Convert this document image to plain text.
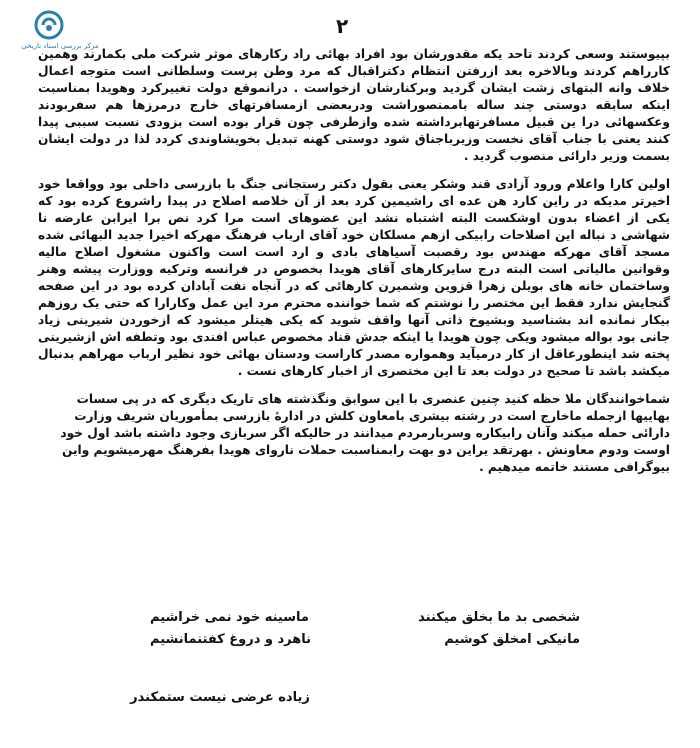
مرکز بررسی اسناد تاریخی
۲

بپیوستند وسعی کردند تاحد یکه مقدورشان بود افراد بهائی راد رکارهای موثر شرکت ملی بکمارند وهمین کارراهم کردند وبالاخره بعد ازرفتن انتظام دکتراقبال که مرد وطن پرست وسلطانی است متوجه اعمال خلاف وانه البتهای زشت ایشان گردید وبرکنارشان ازخواست . درانموقع دولت تغییرکرد وهویدا بمناسبت اینکه سابقه دوستی چند ساله باممنصوراشت ودربعضی ازمسافرتهای خارج درمرزها هم سفربودند وعکسهائی درا ین قبیل مسافرتهابرداشته شده وازطرفی چون قرار بوده است بزودی نسبت سببی پیدا کنند یعنی با جناب آقای نخست وزیرباجناق شود دوستی کهنه تبدیل بخویشاوندی کردد لذا در دولت ایشان بسمت وزیر دارائی منصوب گردید .

اولین کارا واعلام ورود آزادی قند وشکر یعنی بقول دکتر رستجانی جنگ با بازرسی داخلی بود وواقعا خود اخیرتر مدیکه در راین کارد هن عده ای راشیمین کرد بعد از آن خلاصه اصلاح در پیدا راشروع کرده بود که یکی از اعضاء بدون اوشکست البته اشتباه نشد این عضوهای است مرا کرد نص برا ایرابن عارضه نا شهاشی د نباله این اصلاحات رابیکی ازهم مسلکان خود آقای ارباب فرهنگ مهرکه اخیرا جدید البهائی شده مسجد آقای مهرکه مهندس بود رقصبت آسیاهای بادی و ارد است است واکنون مشغول اصلاح مالیه وقوانین مالیاتی است البته درج سایرکارهای آقای هویدا بخصوص در فرانسه وترکیه ووزارت پیشه وهنر وساختمان خانه های بویلن زهرا قزوین وشمیرن کارهائی که در آنجاه نفت آبادان کرده بود در این صفحه گنجایش ندارد فقط این مختصر را نوشتم که شما خواننده محترم مرد این عمل وکارارا که حتی یک روزهم بیکار نمانده اند بشناسید وبشیوخ ذاتی آنها واقف شوید که یکی هیتلر میشود که ازخوردن شیرینی زیاد جانی بود بواله میشود ویکی چون هویدا یا اینکه جدش قناد مخصوص عباس افندی بود وتطفه اش ازشیرینی پخته شد اینطورعاقل از کار درمیآید وهمواره مصدر کاراست ودستان بهائی خود نظیر ارباب مهراهم بدنبال میکشد باشد تا صحیح در دولت بعد تا این مختصری از اخبار کارهای نست .

شماخوانندگان ملا حظه کنید چنین عنصری با این سوابق ونگذشته های تاریک دیگری که در پی سسات بهاییها ازجمله ماخارج است در رشته بیشری بامعاون کلش در ادارهٔ بازرسی بمأموریان شریف وزارت دارائی حمله میکند وآنان رابیکاره وسربارمردم میدانند در حالیکه اگر سربازی وجود داشته باشد اول خود اوست ودوم معاونش . بهرتقد یراین دو بهت رابمناسبت حملات ناروای هویدا بفرهنگ مهرمیشویم واین بیوگرافی مستند خاتمه میدهیم .

شخصی بد ما بخلق میکنند
ماسینه خود نمی خراشیم
مانیکی امخلق کوشیم
ناهرد و دروغ کفتنمانشیم
زیاده عرضی نیست ستمکندر
